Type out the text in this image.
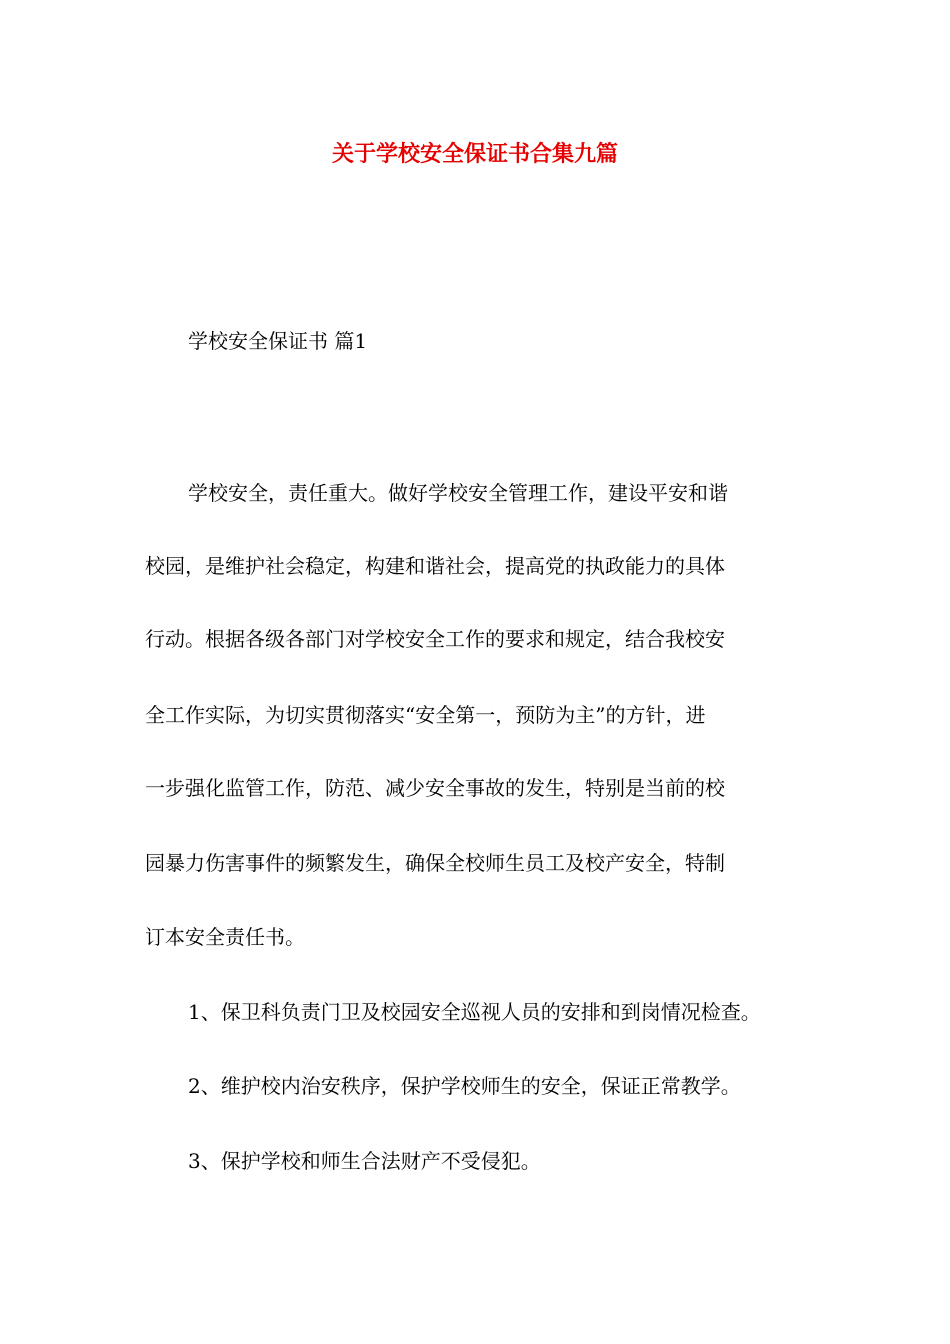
关于学校安全保证书合集九篇

学校安全保证书 篇1

学校安全，责任重大。做好学校安全管理工作，建设平安和谐
校园，是维护社会稳定，构建和谐社会，提高党的执政能力的具体
行动。根据各级各部门对学校安全工作的要求和规定，结合我校安
全工作实际，为切实贯彻落实“安全第一，预防为主”的方针，进
一步强化监管工作，防范、减少安全事故的发生，特别是当前的校
园暴力伤害事件的频繁发生，确保全校师生员工及校产安全，特制
订本安全责任书。
1、保卫科负责门卫及校园安全巡视人员的安排和到岗情况检查。
2、维护校内治安秩序，保护学校师生的安全，保证正常教学。
3、保护学校和师生合法财产不受侵犯。
